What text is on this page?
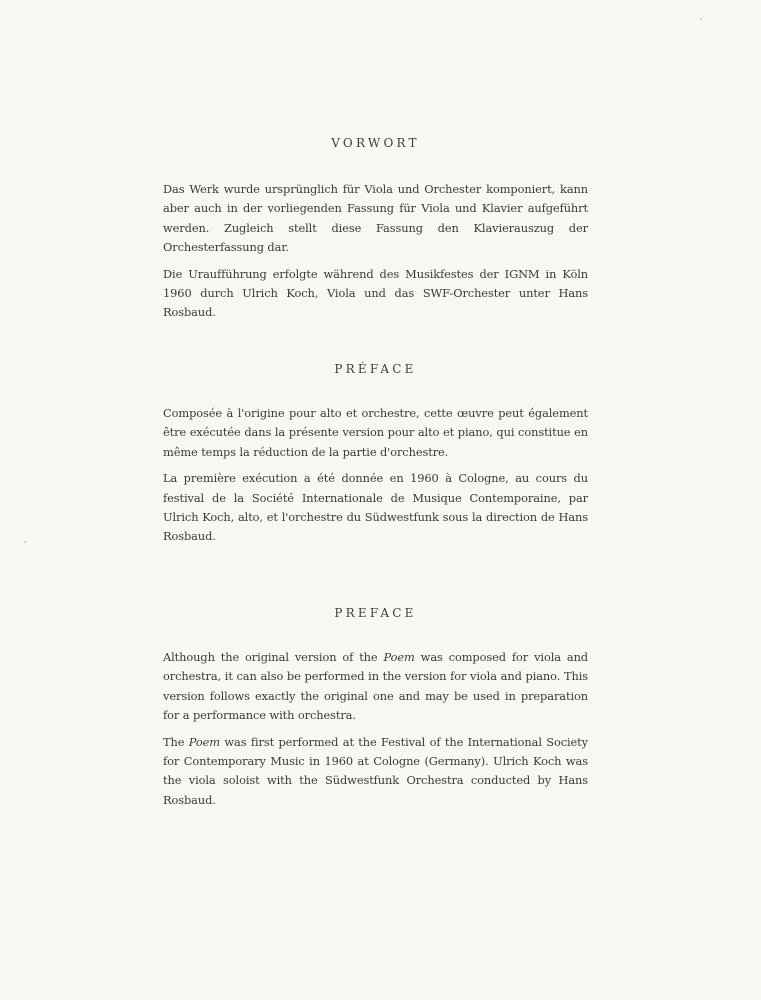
VORWORT

Das Werk wurde ursprünglich für Viola und Orchester komponiert, kann aber auch in der vorliegenden Fassung für Viola und Klavier aufgeführt werden. Zugleich stellt diese Fassung den Klavierauszug der Orchesterfassung dar.

Die Uraufführung erfolgte während des Musikfestes der IGNM in Köln 1960 durch Ulrich Koch, Viola und das SWF-Orchester unter Hans Rosbaud.

PRÉFACE

Composée à l'origine pour alto et orchestre, cette œuvre peut également être exécutée dans la présente version pour alto et piano, qui constitue en même temps la réduction de la partie d'orchestre.

La première exécution a été donnée en 1960 à Cologne, au cours du festival de la Société Internationale de Musique Contemporaine, par Ulrich Koch, alto, et l'orchestre du Südwestfunk sous la direction de Hans Rosbaud.

PREFACE

Although the original version of the Poem was composed for viola and orchestra, it can also be performed in the version for viola and piano. This version follows exactly the original one and may be used in preparation for a performance with orchestra.

The Poem was first performed at the Festival of the International Society for Contemporary Music in 1960 at Cologne (Germany). Ulrich Koch was the viola soloist with the Südwestfunk Orchestra conducted by Hans Rosbaud.
